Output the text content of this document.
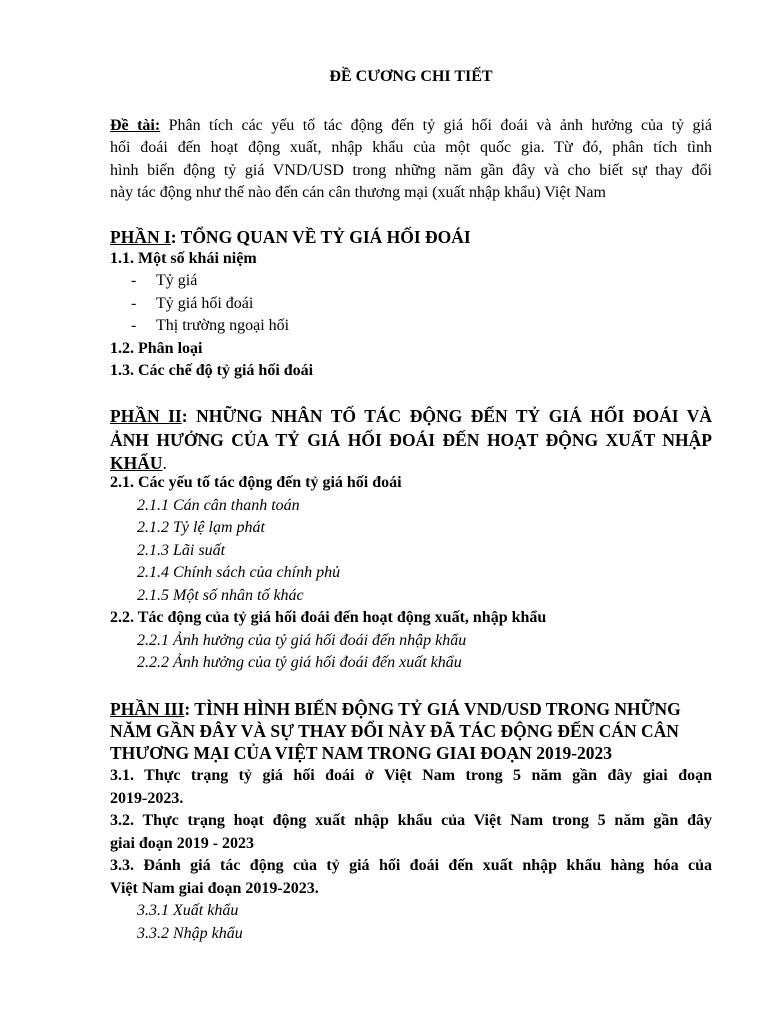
ĐỀ CƯƠNG CHI TIẾT
Đề tài: Phân tích các yếu tố tác động đến tỷ giá hối đoái và ảnh hưởng của tỷ giá
hối đoái đến hoạt động xuất, nhập khẩu của một quốc gia. Từ đó, phân tích tình
hình biến động tỷ giá VND/USD trong những năm gần đây và cho biết sự thay đổi
này tác động như thế nào đến cán cân thương mại (xuất nhập khẩu) Việt Nam
PHẦN I: TỔNG QUAN VỀ TỶ GIÁ HỐI ĐOÁI
1.1. Một số khái niệm
- Tỷ giá
- Tỷ giá hối đoái
- Thị trường ngoại hối
1.2. Phân loại
1.3. Các chế độ tỷ giá hối đoái
PHẦN II: NHỮNG NHÂN TỐ TÁC ĐỘNG ĐẾN TỶ GIÁ HỐI ĐOÁI VÀ
ẢNH HƯỞNG CỦA TỶ GIÁ HỐI ĐOÁI ĐẾN HOẠT ĐỘNG XUẤT NHẬP
KHẨU.
2.1. Các yếu tố tác động đến tỷ giá hối đoái
2.1.1 Cán cân thanh toán
2.1.2 Tỷ lệ lạm phát
2.1.3 Lãi suất
2.1.4 Chính sách của chính phủ
2.1.5 Một số nhân tố khác
2.2. Tác động của tỷ giá hối đoái đến hoạt động xuất, nhập khẩu
2.2.1 Ảnh hưởng của tỷ giá hối đoái đến nhập khẩu
2.2.2 Ảnh hưởng của tỷ giá hối đoái đến xuất khẩu
PHẦN III: TÌNH HÌNH BIẾN ĐỘNG TỶ GIÁ VND/USD TRONG NHỮNG
NĂM GẦN ĐÂY VÀ SỰ THAY ĐỔI NÀY ĐÃ TÁC ĐỘNG ĐẾN CÁN CÂN
THƯƠNG MẠI CỦA VIỆT NAM TRONG GIAI ĐOẠN 2019-2023
3.1. Thực trạng tỷ giá hối đoái ở Việt Nam trong 5 năm gần đây giai đoạn
2019-2023.
3.2. Thực trạng hoạt động xuất nhập khẩu của Việt Nam trong 5 năm gần đây
giai đoạn 2019 - 2023
3.3. Đánh giá tác động của tỷ giá hối đoái đến xuất nhập khẩu hàng hóa của
Việt Nam giai đoạn 2019-2023.
3.3.1 Xuất khẩu
3.3.2 Nhập khẩu
